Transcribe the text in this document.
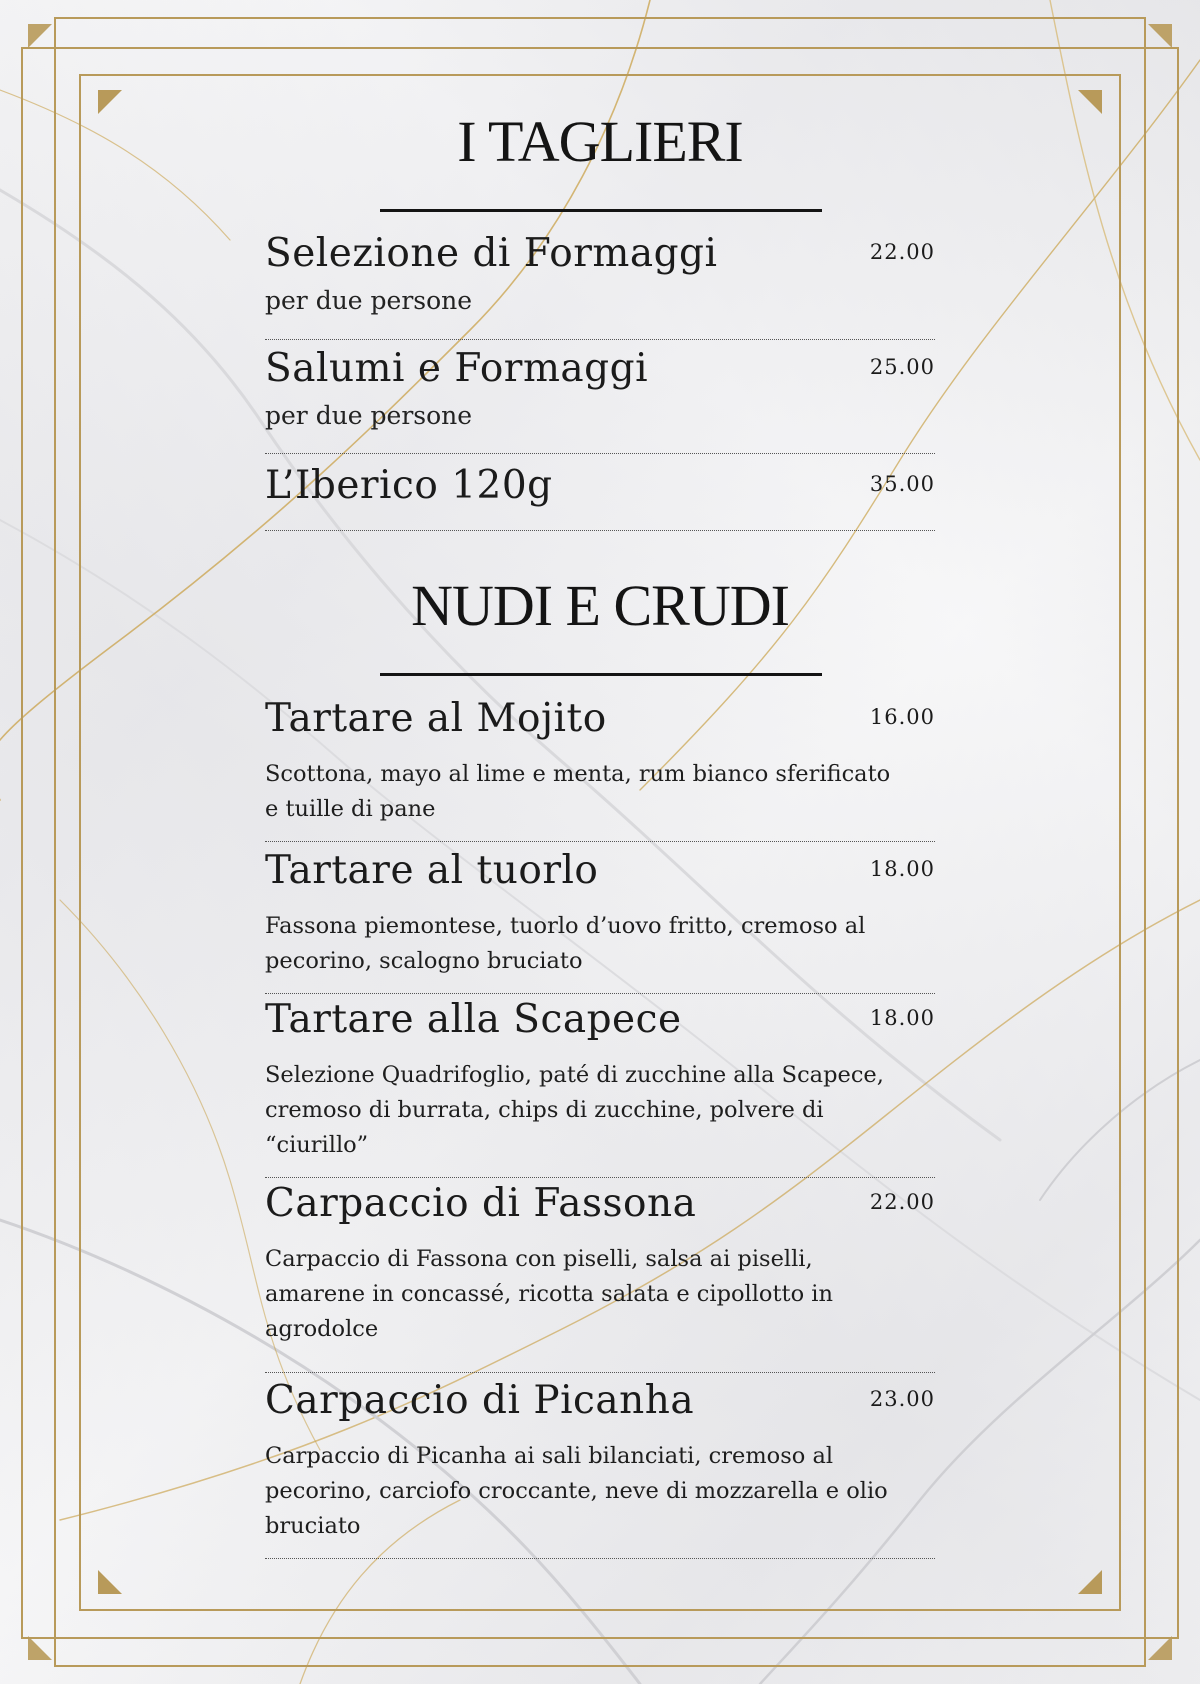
I TAGLIERI
Selezione di Formaggi	22.00
per due persone
Salumi e Formaggi	25.00
per due persone
L’Iberico 120g	35.00
NUDI E CRUDI
Tartare al Mojito	16.00
Scottona, mayo al lime e menta, rum bianco sferificato e tuille di pane
Tartare al tuorlo	18.00
Fassona piemontese, tuorlo d’uovo fritto, cremoso al pecorino, scalogno bruciato
Tartare alla Scapece	18.00
Selezione Quadrifoglio, paté di zucchine alla Scapece, cremoso di burrata, chips di zucchine, polvere di “ciurillo”
Carpaccio di Fassona	22.00
Carpaccio di Fassona con piselli, salsa ai piselli, amarene in concassé, ricotta salata e cipollotto in agrodolce
Carpaccio di Picanha	23.00
Carpaccio di Picanha ai sali bilanciati, cremoso al pecorino, carciofo croccante, neve di mozzarella e olio bruciato
